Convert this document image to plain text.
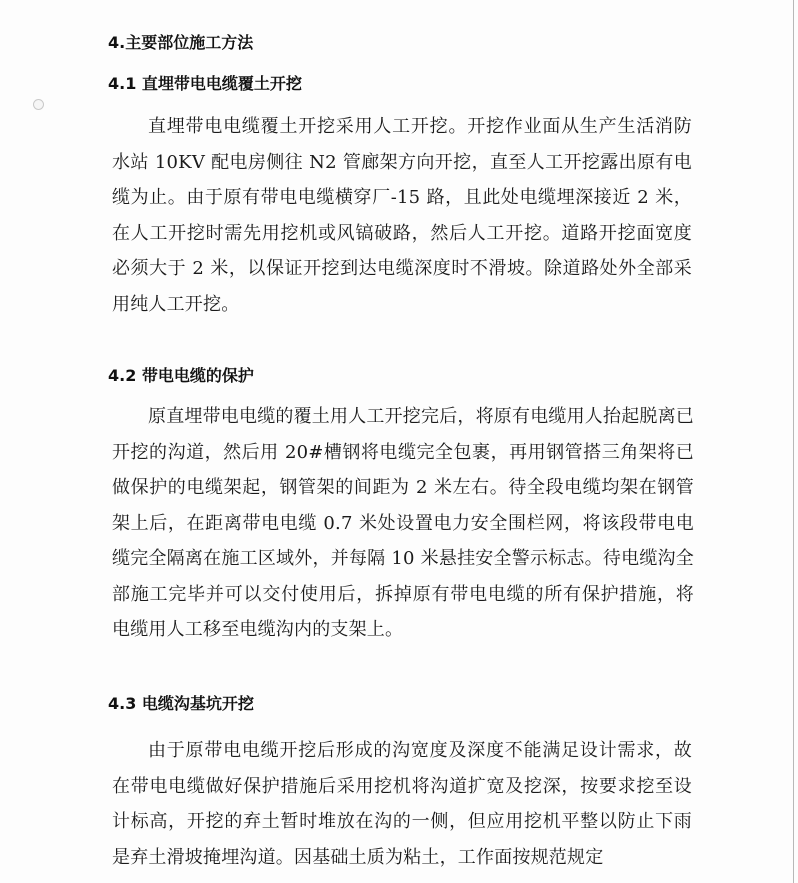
4.主要部位施工方法
4.1 直埋带电电缆覆土开挖

直埋带电电缆覆土开挖采用人工开挖。开挖作业面从生产生活消防水站 10KV 配电房侧往 N2 管廊架方向开挖，直至人工开挖露出原有电缆为止。由于原有带电电缆横穿厂-15 路，且此处电缆埋深接近 2 米，在人工开挖时需先用挖机或风镐破路，然后人工开挖。道路开挖面宽度必须大于 2 米，以保证开挖到达电缆深度时不滑坡。除道路处外全部采用纯人工开挖。

4.2 带电电缆的保护

原直埋带电电缆的覆土用人工开挖完后，将原有电缆用人抬起脱离已开挖的沟道，然后用 20#槽钢将电缆完全包裹，再用钢管搭三角架将已做保护的电缆架起，钢管架的间距为 2 米左右。待全段电缆均架在钢管架上后，在距离带电电缆 0.7 米处设置电力安全围栏网，将该段带电电缆完全隔离在施工区域外，并每隔 10 米悬挂安全警示标志。待电缆沟全部施工完毕并可以交付使用后，拆掉原有带电电缆的所有保护措施，将电缆用人工移至电缆沟内的支架上。

4.3 电缆沟基坑开挖

由于原带电电缆开挖后形成的沟宽度及深度不能满足设计需求，故在带电电缆做好保护措施后采用挖机将沟道扩宽及挖深，按要求挖至设计标高，开挖的弃土暂时堆放在沟的一侧，但应用挖机平整以防止下雨是弃土滑坡掩埋沟道。因基础土质为粘土，工作面按规范规定
